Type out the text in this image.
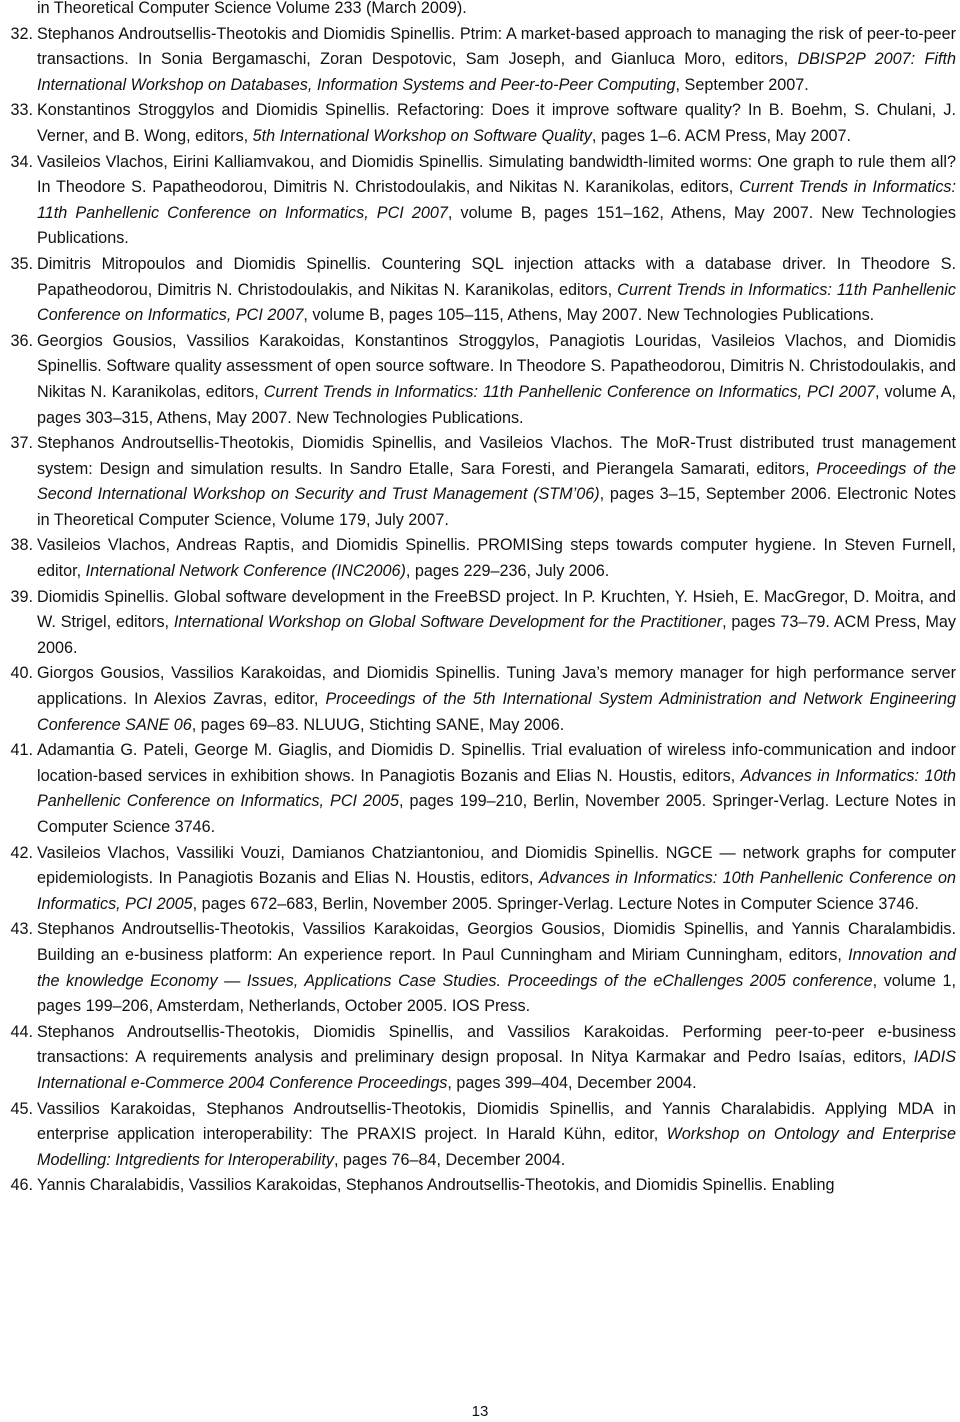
in Theoretical Computer Science Volume 233 (March 2009).
32. Stephanos Androutsellis-Theotokis and Diomidis Spinellis. Ptrim: A market-based approach to managing the risk of peer-to-peer transactions. In Sonia Bergamaschi, Zoran Despotovic, Sam Joseph, and Gianluca Moro, editors, DBISP2P 2007: Fifth International Workshop on Databases, Information Systems and Peer-to-Peer Computing, September 2007.
33. Konstantinos Stroggylos and Diomidis Spinellis. Refactoring: Does it improve software quality? In B. Boehm, S. Chulani, J. Verner, and B. Wong, editors, 5th International Workshop on Software Quality, pages 1–6. ACM Press, May 2007.
34. Vasileios Vlachos, Eirini Kalliamvakou, and Diomidis Spinellis. Simulating bandwidth-limited worms: One graph to rule them all? In Theodore S. Papatheodorou, Dimitris N. Christodoulakis, and Nikitas N. Karanikolas, editors, Current Trends in Informatics: 11th Panhellenic Conference on Informatics, PCI 2007, volume B, pages 151–162, Athens, May 2007. New Technologies Publications.
35. Dimitris Mitropoulos and Diomidis Spinellis. Countering SQL injection attacks with a database driver. In Theodore S. Papatheodorou, Dimitris N. Christodoulakis, and Nikitas N. Karanikolas, editors, Current Trends in Informatics: 11th Panhellenic Conference on Informatics, PCI 2007, volume B, pages 105–115, Athens, May 2007. New Technologies Publications.
36. Georgios Gousios, Vassilios Karakoidas, Konstantinos Stroggylos, Panagiotis Louridas, Vasileios Vlachos, and Diomidis Spinellis. Software quality assessment of open source software. In Theodore S. Papatheodorou, Dimitris N. Christodoulakis, and Nikitas N. Karanikolas, editors, Current Trends in Informatics: 11th Panhellenic Conference on Informatics, PCI 2007, volume A, pages 303–315, Athens, May 2007. New Technologies Publications.
37. Stephanos Androutsellis-Theotokis, Diomidis Spinellis, and Vasileios Vlachos. The MoR-Trust distributed trust management system: Design and simulation results. In Sandro Etalle, Sara Foresti, and Pierangela Samarati, editors, Proceedings of the Second International Workshop on Security and Trust Management (STM’06), pages 3–15, September 2006. Electronic Notes in Theoretical Computer Science, Volume 179, July 2007.
38. Vasileios Vlachos, Andreas Raptis, and Diomidis Spinellis. PROMISing steps towards computer hygiene. In Steven Furnell, editor, International Network Conference (INC2006), pages 229–236, July 2006.
39. Diomidis Spinellis. Global software development in the FreeBSD project. In P. Kruchten, Y. Hsieh, E. MacGregor, D. Moitra, and W. Strigel, editors, International Workshop on Global Software Development for the Practitioner, pages 73–79. ACM Press, May 2006.
40. Giorgos Gousios, Vassilios Karakoidas, and Diomidis Spinellis. Tuning Java’s memory manager for high performance server applications. In Alexios Zavras, editor, Proceedings of the 5th International System Administration and Network Engineering Conference SANE 06, pages 69–83. NLUUG, Stichting SANE, May 2006.
41. Adamantia G. Pateli, George M. Giaglis, and Diomidis D. Spinellis. Trial evaluation of wireless info-communication and indoor location-based services in exhibition shows. In Panagiotis Bozanis and Elias N. Houstis, editors, Advances in Informatics: 10th Panhellenic Conference on Informatics, PCI 2005, pages 199–210, Berlin, November 2005. Springer-Verlag. Lecture Notes in Computer Science 3746.
42. Vasileios Vlachos, Vassiliki Vouzi, Damianos Chatziantoniou, and Diomidis Spinellis. NGCE — network graphs for computer epidemiologists. In Panagiotis Bozanis and Elias N. Houstis, editors, Advances in Informatics: 10th Panhellenic Conference on Informatics, PCI 2005, pages 672–683, Berlin, November 2005. Springer-Verlag. Lecture Notes in Computer Science 3746.
43. Stephanos Androutsellis-Theotokis, Vassilios Karakoidas, Georgios Gousios, Diomidis Spinellis, and Yannis Charalambidis. Building an e-business platform: An experience report. In Paul Cunningham and Miriam Cunningham, editors, Innovation and the knowledge Economy — Issues, Applications Case Studies. Proceedings of the eChallenges 2005 conference, volume 1, pages 199–206, Amsterdam, Netherlands, October 2005. IOS Press.
44. Stephanos Androutsellis-Theotokis, Diomidis Spinellis, and Vassilios Karakoidas. Performing peer-to-peer e-business transactions: A requirements analysis and preliminary design proposal. In Nitya Karmakar and Pedro Isaías, editors, IADIS International e-Commerce 2004 Conference Proceedings, pages 399–404, December 2004.
45. Vassilios Karakoidas, Stephanos Androutsellis-Theotokis, Diomidis Spinellis, and Yannis Charalabidis. Applying MDA in enterprise application interoperability: The PRAXIS project. In Harald Kühn, editor, Workshop on Ontology and Enterprise Modelling: Intgredients for Interoperability, pages 76–84, December 2004.
46. Yannis Charalabidis, Vassilios Karakoidas, Stephanos Androutsellis-Theotokis, and Diomidis Spinellis. Enabling
13
